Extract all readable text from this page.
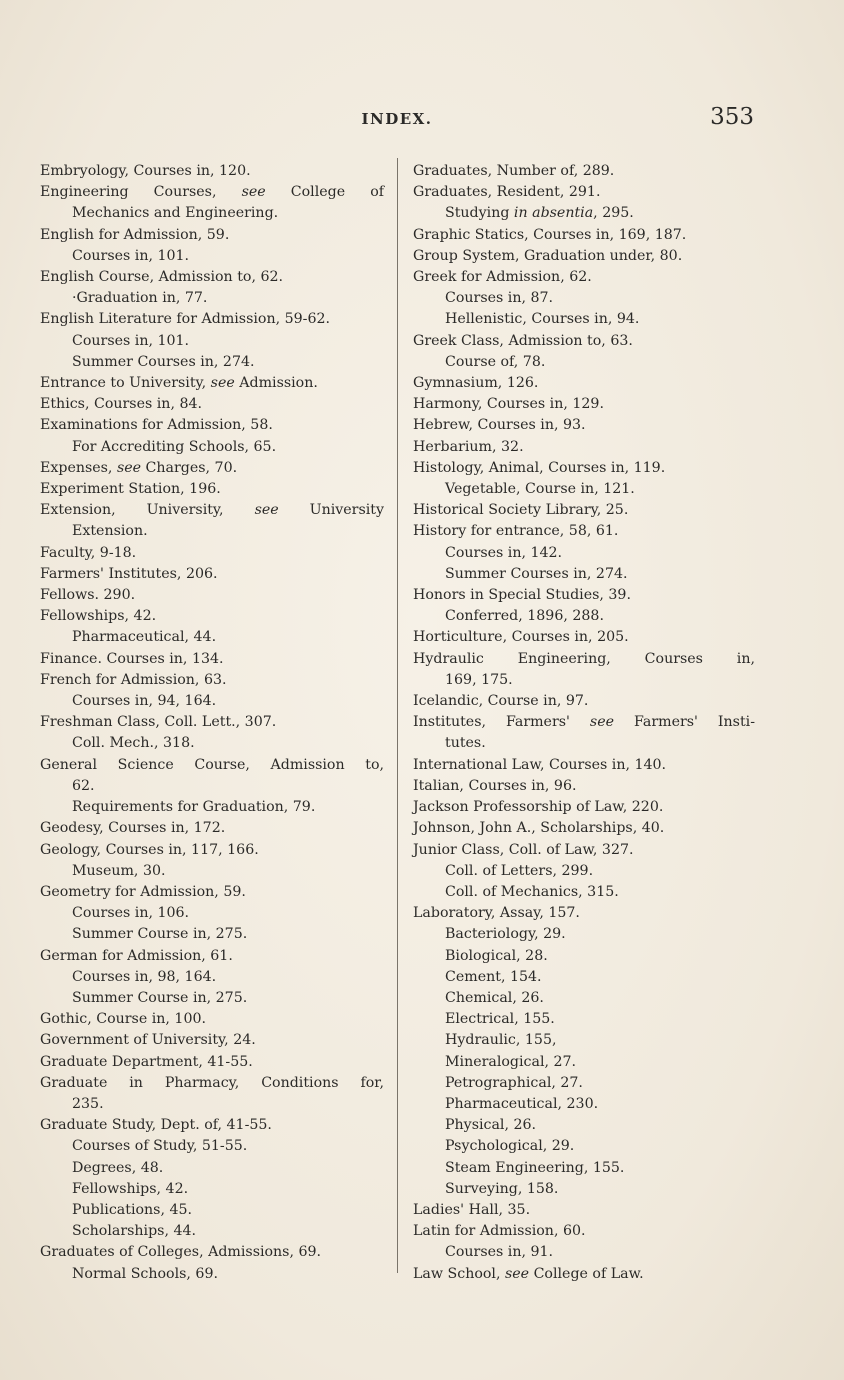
INDEX.	353

Embryology, Courses in, 120.

Engineering Courses, see College of

Mechanics and Engineering.

English for Admission, 59.

Courses in, 101.

English Course, Admission to, 62.

·Graduation in, 77.

English Literature for Admission, 59-62.

Courses in, 101.

Summer Courses in, 274.

Entrance to University, see Admission.

Ethics, Courses in, 84.

Examinations for Admission, 58.

For Accrediting Schools, 65.

Expenses, see Charges, 70.

Experiment Station, 196.

Extension, University, see University

Extension.

Faculty, 9-18.

Farmers' Institutes, 206.

Fellows. 290.

Fellowships, 42.

Pharmaceutical, 44.

Finance. Courses in, 134.

French for Admission, 63.

Courses in, 94, 164.

Freshman Class, Coll. Lett., 307.

Coll. Mech., 318.

General Science Course, Admission to,

62.

Requirements for Graduation, 79.

Geodesy, Courses in, 172.

Geology, Courses in, 117, 166.

Museum, 30.

Geometry for Admission, 59.

Courses in, 106.

Summer Course in, 275.

German for Admission, 61.

Courses in, 98, 164.

Summer Course in, 275.

Gothic, Course in, 100.

Government of University, 24.

Graduate Department, 41-55.

Graduate in Pharmacy, Conditions for,

235.

Graduate Study, Dept. of, 41-55.

Courses of Study, 51-55.

Degrees, 48.

Fellowships, 42.

Publications, 45.

Scholarships, 44.

Graduates of Colleges, Admissions, 69.

Normal Schools, 69.

Graduates, Number of, 289.

Graduates, Resident, 291.

Studying in absentia, 295.

Graphic Statics, Courses in, 169, 187.

Group System, Graduation under, 80.

Greek for Admission, 62.

Courses in, 87.

Hellenistic, Courses in, 94.

Greek Class, Admission to, 63.

Course of, 78.

Gymnasium, 126.

Harmony, Courses in, 129.

Hebrew, Courses in, 93.

Herbarium, 32.

Histology, Animal, Courses in, 119.

Vegetable, Course in, 121.

Historical Society Library, 25.

History for entrance, 58, 61.

Courses in, 142.

Summer Courses in, 274.

Honors in Special Studies, 39.

Conferred, 1896, 288.

Horticulture, Courses in, 205.

Hydraulic Engineering, Courses in,

169, 175.

Icelandic, Course in, 97.

Institutes, Farmers' see Farmers' Insti-

tutes.

International Law, Courses in, 140.

Italian, Courses in, 96.

Jackson Professorship of Law, 220.

Johnson, John A., Scholarships, 40.

Junior Class, Coll. of Law, 327.

Coll. of Letters, 299.

Coll. of Mechanics, 315.

Laboratory, Assay, 157.

Bacteriology, 29.

Biological, 28.

Cement, 154.

Chemical, 26.

Electrical, 155.

Hydraulic, 155,

Mineralogical, 27.

Petrographical, 27.

Pharmaceutical, 230.

Physical, 26.

Psychological, 29.

Steam Engineering, 155.

Surveying, 158.

Ladies' Hall, 35.

Latin for Admission, 60.

Courses in, 91.

Law School, see College of Law.
